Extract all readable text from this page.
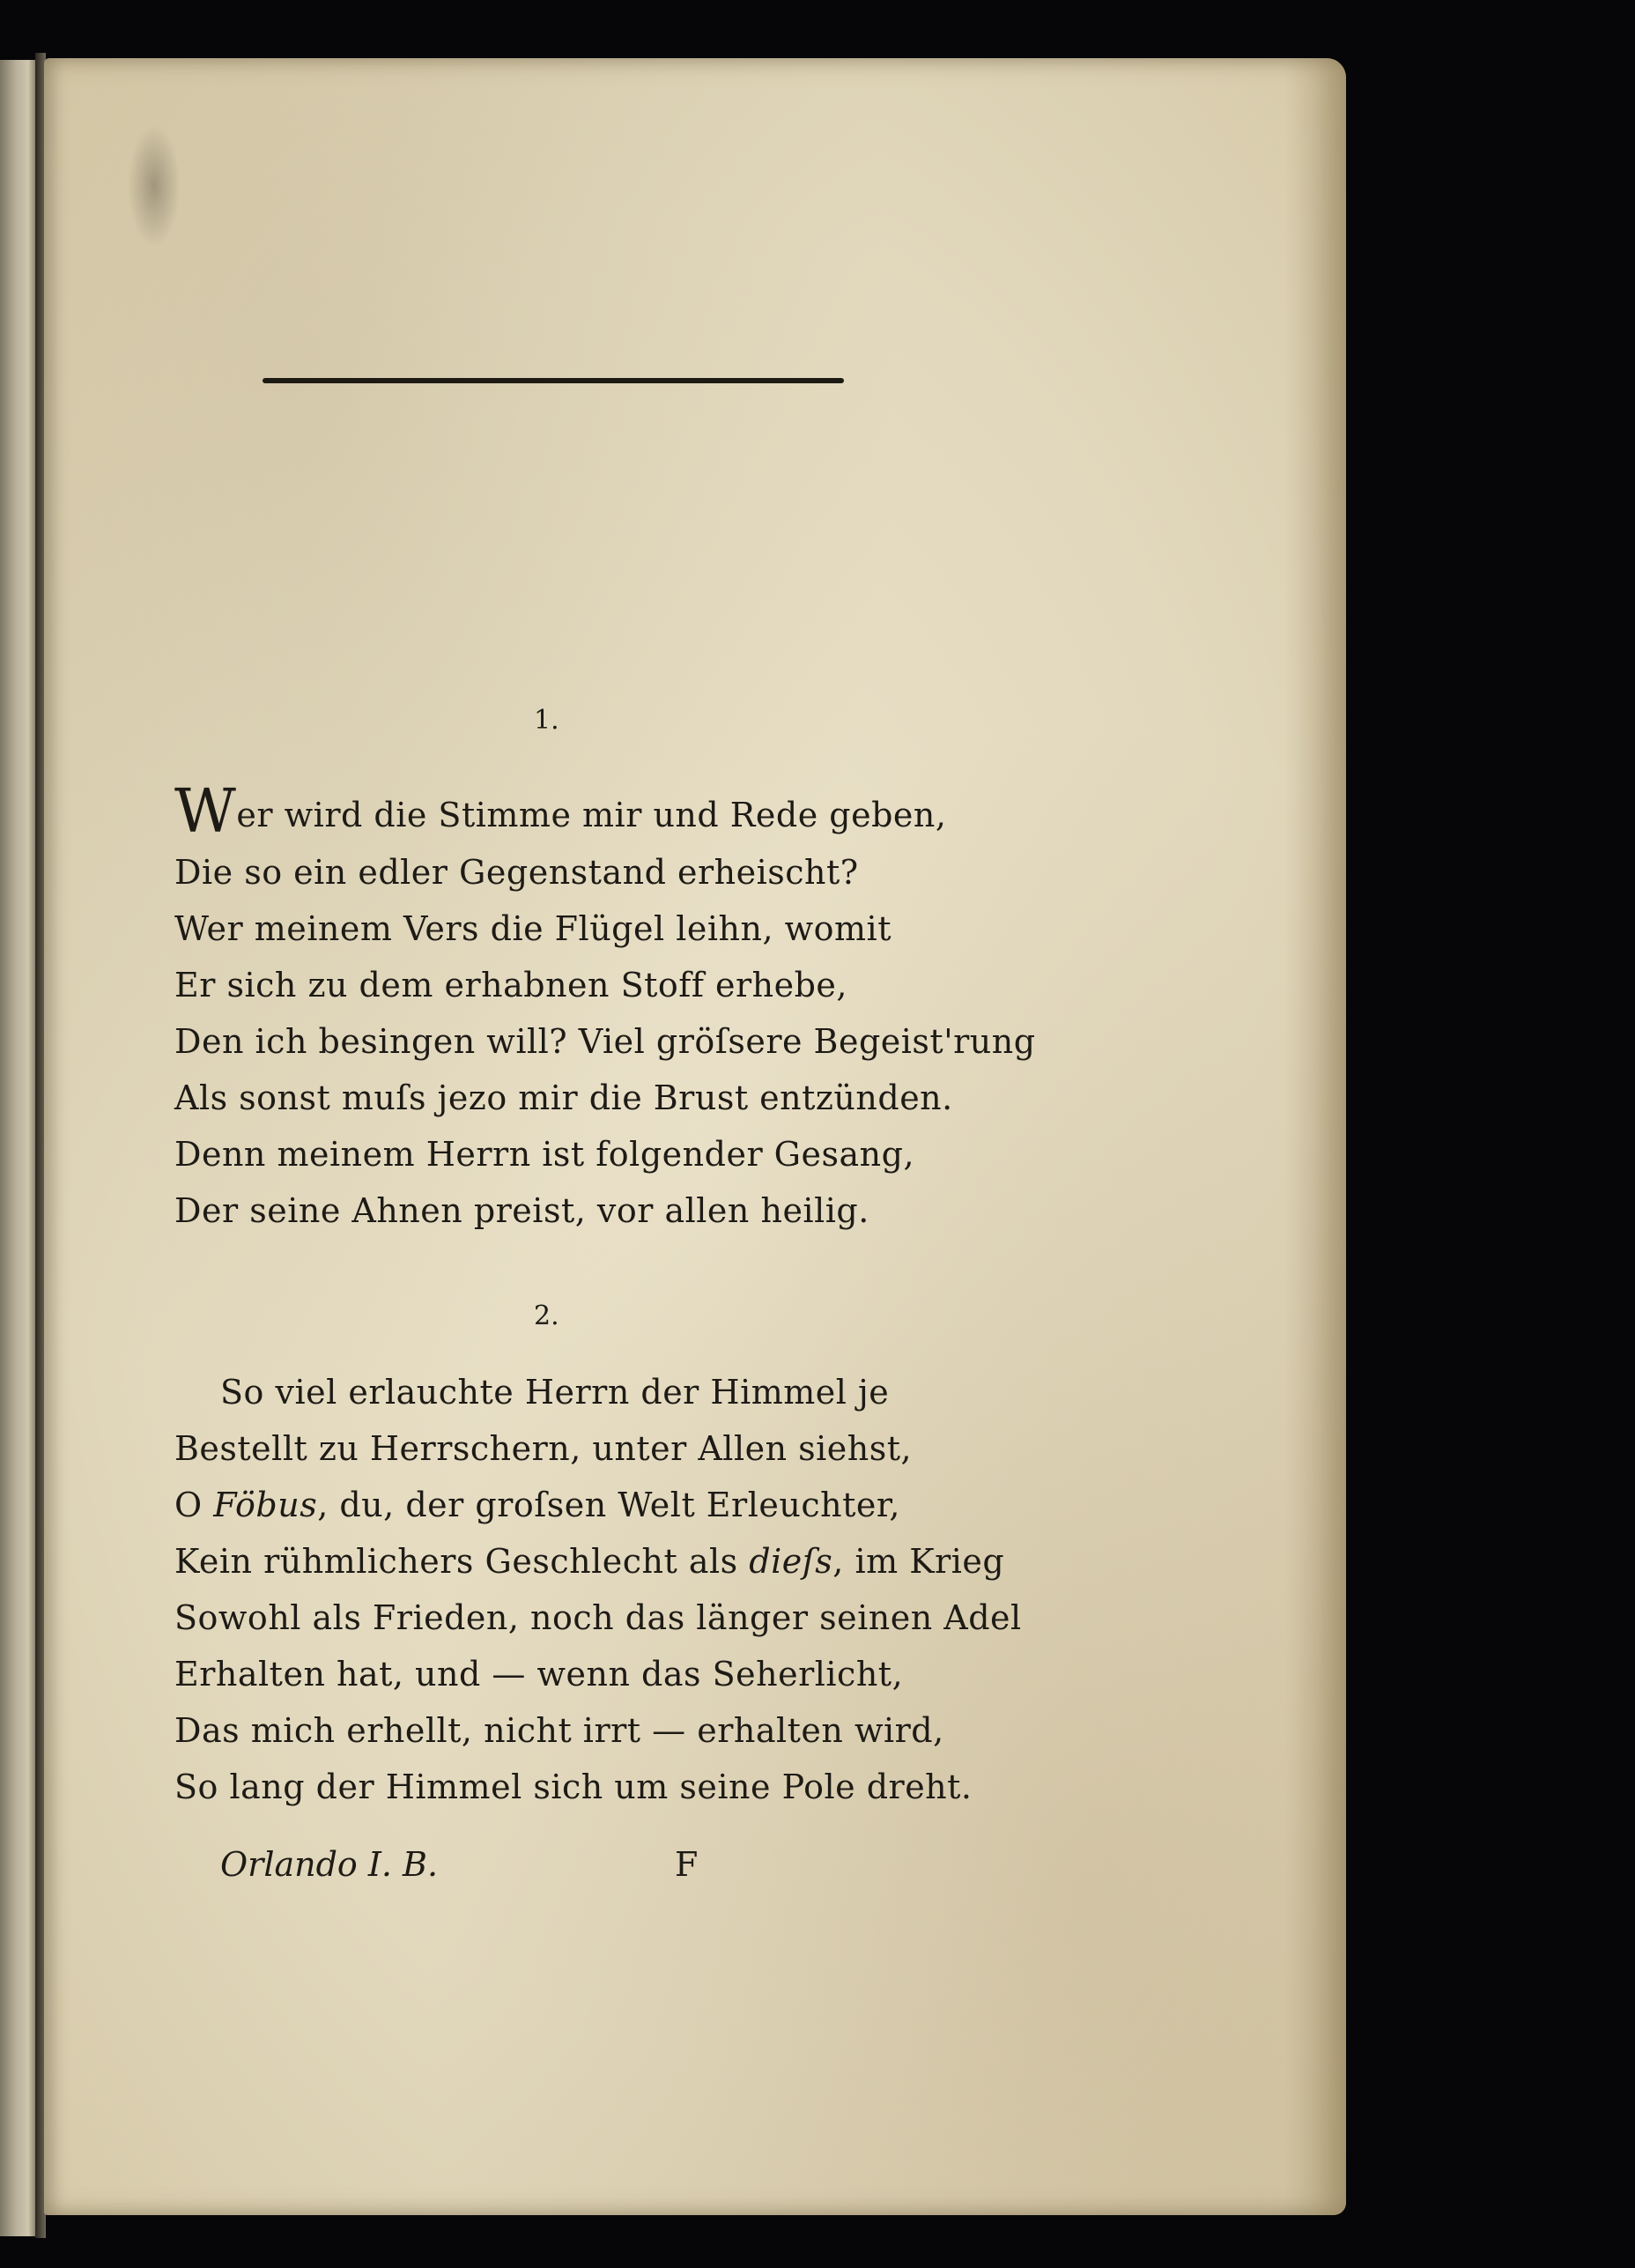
1.
Wer wird die Stimme mir und Rede geben,
Die so ein edler Gegenstand erheischt?
Wer meinem Vers die Flügel leihn, womit
Er sich zu dem erhabnen Stoff erhebe,
Den ich besingen will? Viel gröſsere Begeist'rung
Als sonst muſs jezo mir die Brust entzünden.
Denn meinem Herrn ist folgender Gesang,
Der seine Ahnen preist, vor allen heilig.
2.
So viel erlauchte Herrn der Himmel je
Bestellt zu Herrschern, unter Allen siehst,
O Föbus, du, der groſsen Welt Erleuchter,
Kein rühmlichers Geschlecht als dieſs, im Krieg
Sowohl als Frieden, noch das länger seinen Adel
Erhalten hat, und — wenn das Seherlicht,
Das mich erhellt, nicht irrt — erhalten wird,
So lang der Himmel sich um seine Pole dreht.
Orlando I. B.	F
